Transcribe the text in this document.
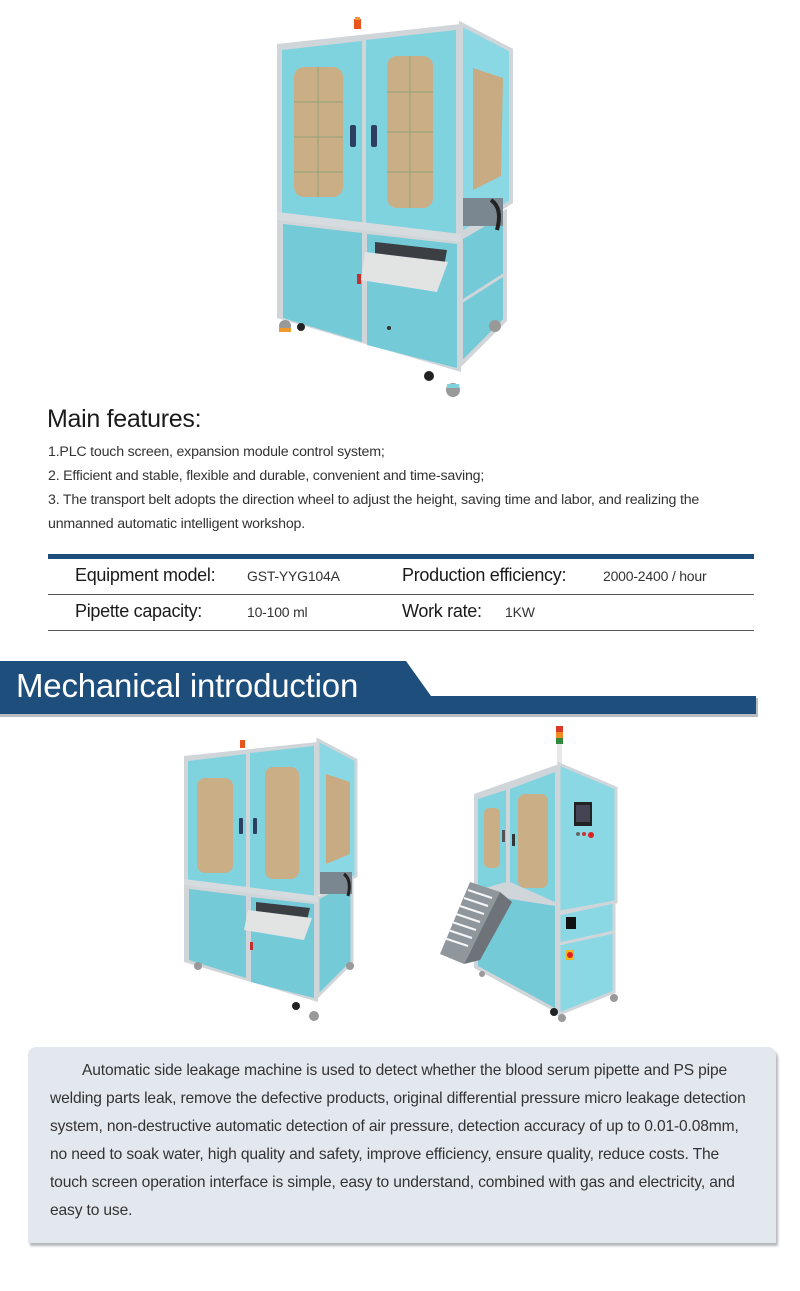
Main features:
1.PLC touch screen, expansion module control system;
2. Efficient and stable, flexible and durable, convenient and time-saving;
3. The transport belt adopts the direction wheel to adjust the height, saving time and labor, and realizing the unmanned automatic intelligent workshop.
Equipment model: GST-YYG104A	Production efficiency:	2000-2400 / hour
Pipette capacity:	10-100 ml	Work rate: 1KW
Mechanical introduction

Automatic side leakage machine is used to detect whether the blood serum pipette and PS pipe welding parts leak, remove the defective products, original differential pressure micro leakage detection system, non-destructive automatic detection of air pressure, detection accuracy of up to 0.01-0.08mm, no need to soak water, high quality and safety, improve efficiency, ensure quality, reduce costs. The touch screen operation interface is simple, easy to understand, combined with gas and electricity, and easy to use.
